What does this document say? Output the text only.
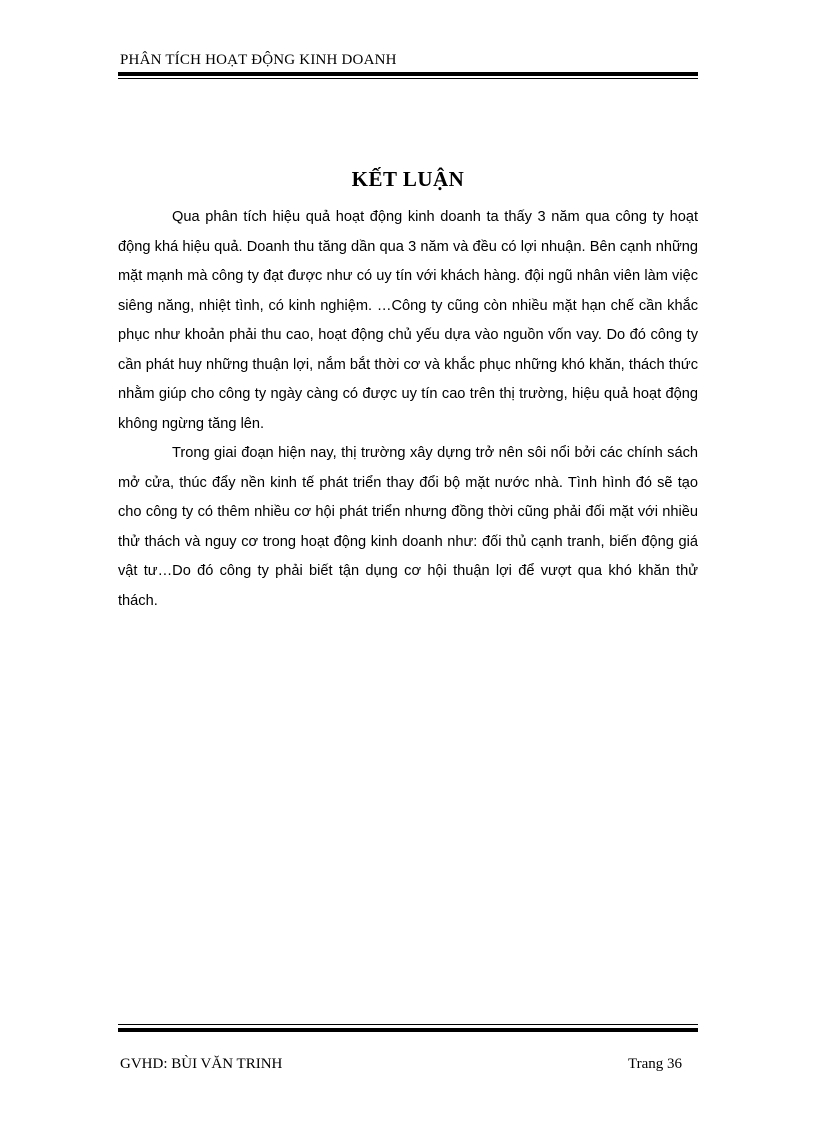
PHÂN TÍCH HOẠT ĐỘNG KINH DOANH
KẾT LUẬN

Qua phân tích hiệu quả hoạt động kinh doanh ta thấy 3 năm qua công ty hoạt động khá hiệu quả. Doanh thu tăng dần qua 3 năm và đều có lợi nhuận. Bên cạnh những mặt mạnh mà công ty đạt được như có uy tín với khách hàng. đội ngũ nhân viên làm việc siêng năng, nhiệt tình, có kinh nghiệm. …Công ty cũng còn nhiều mặt hạn chế cần khắc phục như khoản phải thu cao, hoạt động chủ yếu dựa vào nguồn vốn vay. Do đó công ty cần phát huy những thuận lợi, nắm bắt thời cơ và khắc phục những khó khăn, thách thức nhằm giúp cho công ty ngày càng có được uy tín cao trên thị trường, hiệu quả hoạt động không ngừng tăng lên.

Trong giai đoạn hiện nay, thị trường xây dựng trở nên sôi nổi bởi các chính sách mở cửa, thúc đẩy nền kinh tế phát triển thay đổi bộ mặt nước nhà. Tình hình đó sẽ tạo cho công ty có thêm nhiều cơ hội phát triển nhưng đồng thời cũng phải đối mặt với nhiều thử thách và nguy cơ trong hoạt động kinh doanh như: đối thủ cạnh tranh, biến động giá vật tư…Do đó công ty phải biết tận dụng cơ hội thuận lợi để vượt qua khó khăn thử thách.

GVHD: BÙI VĂN TRINH	Trang 36
